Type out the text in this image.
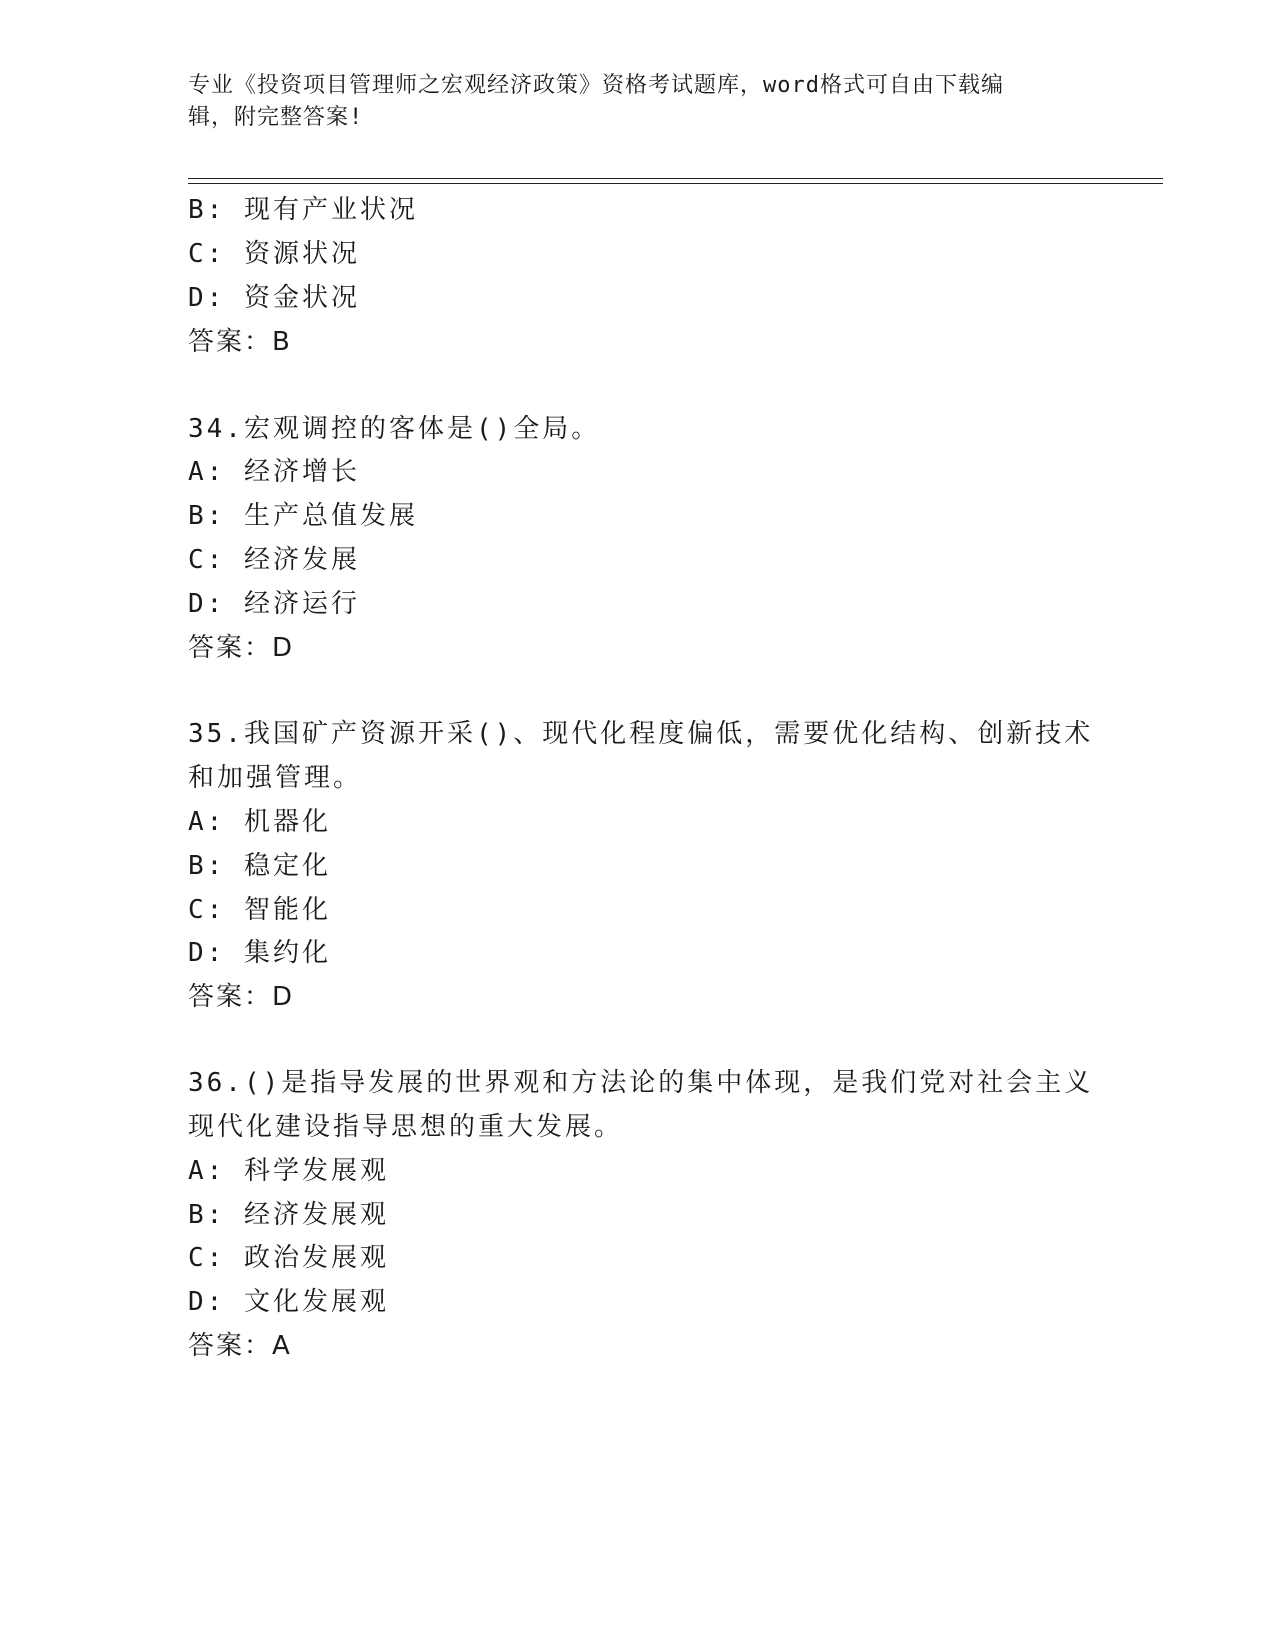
专业《投资项目管理师之宏观经济政策》资格考试题库，word格式可自由下载编
辑，附完整答案!
B: 现有产业状况
C: 资源状况
D: 资金状况
答案：B
34.宏观调控的客体是()全局。
A: 经济增长
B: 生产总值发展
C: 经济发展
D: 经济运行
答案：D
35.我国矿产资源开采()、现代化程度偏低，需要优化结构、创新技术
和加强管理。
A: 机器化
B: 稳定化
C: 智能化
D: 集约化
答案：D
36.()是指导发展的世界观和方法论的集中体现，是我们党对社会主义
现代化建设指导思想的重大发展。
A: 科学发展观
B: 经济发展观
C: 政治发展观
D: 文化发展观
答案：A
